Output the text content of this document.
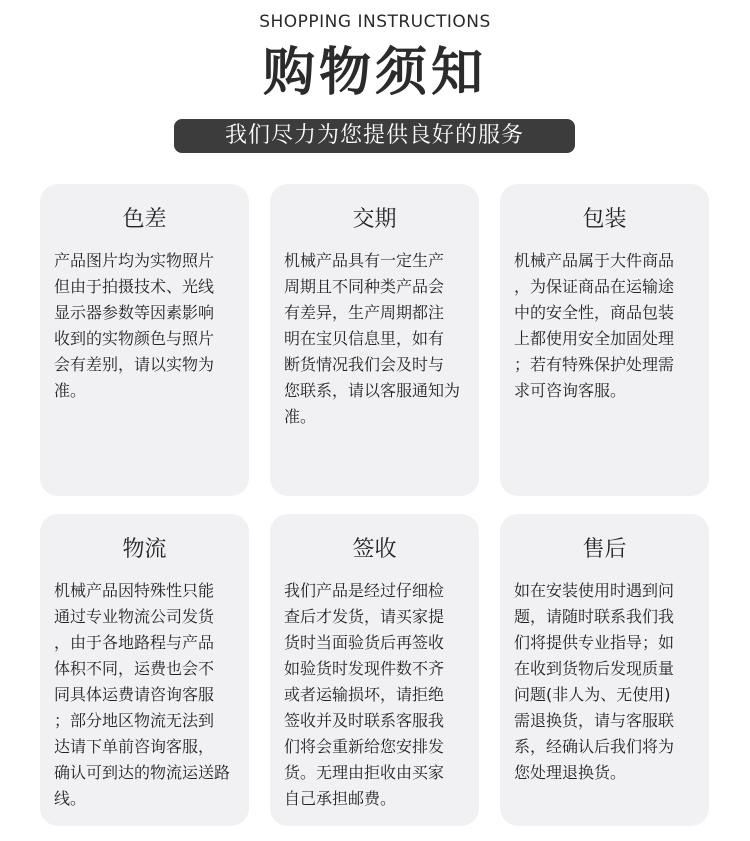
SHOPPING INSTRUCTIONS
购物须知
我们尽力为您提供良好的服务
色差
产品图片均为实物照片
但由于拍摄技术、光线
显示器参数等因素影响
收到的实物颜色与照片
会有差别，请以实物为
准。
交期
机械产品具有一定生产
周期且不同种类产品会
有差异，生产周期都注
明在宝贝信息里，如有
断货情况我们会及时与
您联系，请以客服通知为
准。
包装
机械产品属于大件商品
，为保证商品在运输途
中的安全性，商品包装
上都使用安全加固处理
；若有特殊保护处理需
求可咨询客服。
物流
机械产品因特殊性只能
通过专业物流公司发货
，由于各地路程与产品
体积不同，运费也会不
同具体运费请咨询客服
；部分地区物流无法到
达请下单前咨询客服，
确认可到达的物流运送路
线。
签收
我们产品是经过仔细检
查后才发货，请买家提
货时当面验货后再签收
如验货时发现件数不齐
或者运输损坏，请拒绝
签收并及时联系客服我
们将会重新给您安排发
货。无理由拒收由买家
自己承担邮费。
售后
如在安装使用时遇到问
题，请随时联系我们我
们将提供专业指导；如
在收到货物后发现质量
问题(非人为、无使用)
需退换货，请与客服联
系，经确认后我们将为
您处理退换货。
